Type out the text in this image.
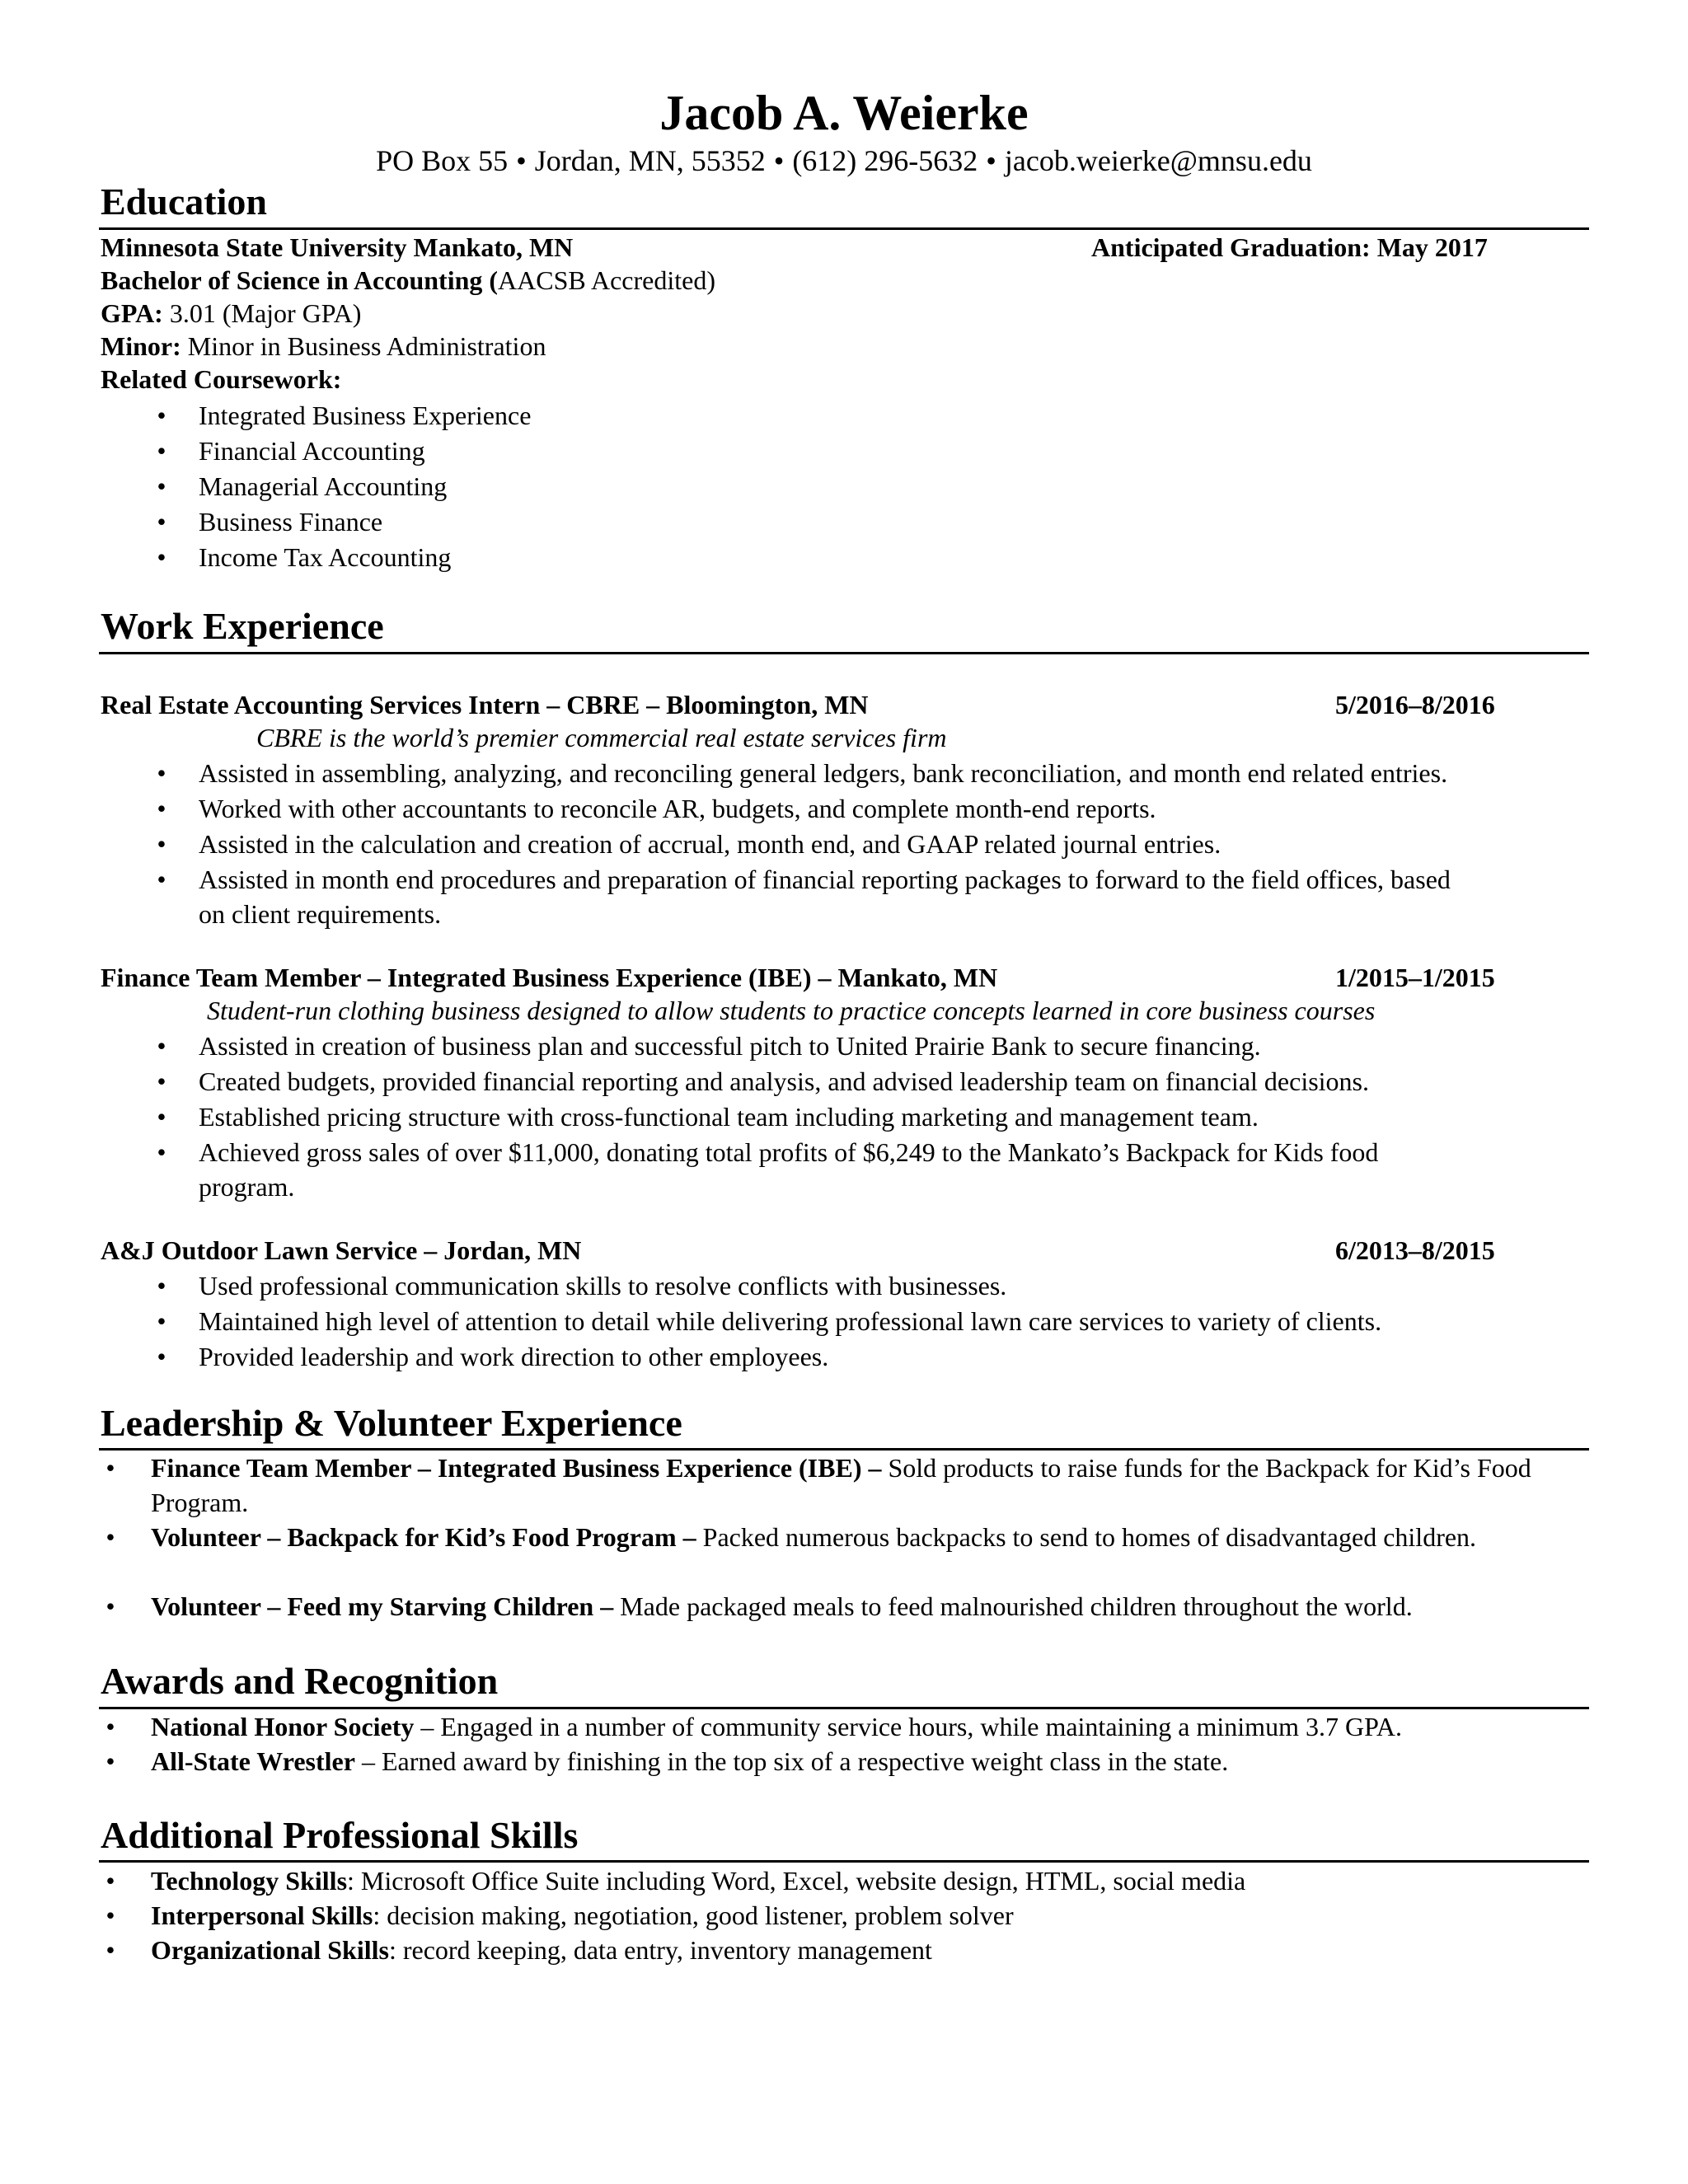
Jacob A. Weierke
PO Box 55 • Jordan, MN, 55352 • (612) 296-5632 • jacob.weierke@mnsu.edu
Education
Minnesota State University Mankato, MN	Anticipated Graduation: May 2017
Bachelor of Science in Accounting (AACSB Accredited)
GPA: 3.01 (Major GPA)
Minor: Minor in Business Administration
Related Coursework:
• Integrated Business Experience
• Financial Accounting
• Managerial Accounting
• Business Finance
• Income Tax Accounting
Work Experience
Real Estate Accounting Services Intern – CBRE – Bloomington, MN	5/2016–8/2016
CBRE is the world’s premier commercial real estate services firm
• Assisted in assembling, analyzing, and reconciling general ledgers, bank reconciliation, and month end related entries.
• Worked with other accountants to reconcile AR, budgets, and complete month-end reports.
• Assisted in the calculation and creation of accrual, month end, and GAAP related journal entries.
• Assisted in month end procedures and preparation of financial reporting packages to forward to the field offices, based
on client requirements.
Finance Team Member – Integrated Business Experience (IBE) – Mankato, MN	1/2015–1/2015
Student-run clothing business designed to allow students to practice concepts learned in core business courses
• Assisted in creation of business plan and successful pitch to United Prairie Bank to secure financing.
• Created budgets, provided financial reporting and analysis, and advised leadership team on financial decisions.
• Established pricing structure with cross-functional team including marketing and management team.
• Achieved gross sales of over $11,000, donating total profits of $6,249 to the Mankato’s Backpack for Kids food
program.
A&J Outdoor Lawn Service – Jordan, MN	6/2013–8/2015
• Used professional communication skills to resolve conflicts with businesses.
• Maintained high level of attention to detail while delivering professional lawn care services to variety of clients.
• Provided leadership and work direction to other employees.
Leadership & Volunteer Experience
• Finance Team Member – Integrated Business Experience (IBE) – Sold products to raise funds for the Backpack for Kid’s Food Program.
• Volunteer – Backpack for Kid’s Food Program – Packed numerous backpacks to send to homes of disadvantaged children.
• Volunteer – Feed my Starving Children – Made packaged meals to feed malnourished children throughout the world.
Awards and Recognition
• National Honor Society – Engaged in a number of community service hours, while maintaining a minimum 3.7 GPA.
• All-State Wrestler – Earned award by finishing in the top six of a respective weight class in the state.
Additional Professional Skills
• Technology Skills: Microsoft Office Suite including Word, Excel, website design, HTML, social media
• Interpersonal Skills: decision making, negotiation, good listener, problem solver
• Organizational Skills: record keeping, data entry, inventory management
